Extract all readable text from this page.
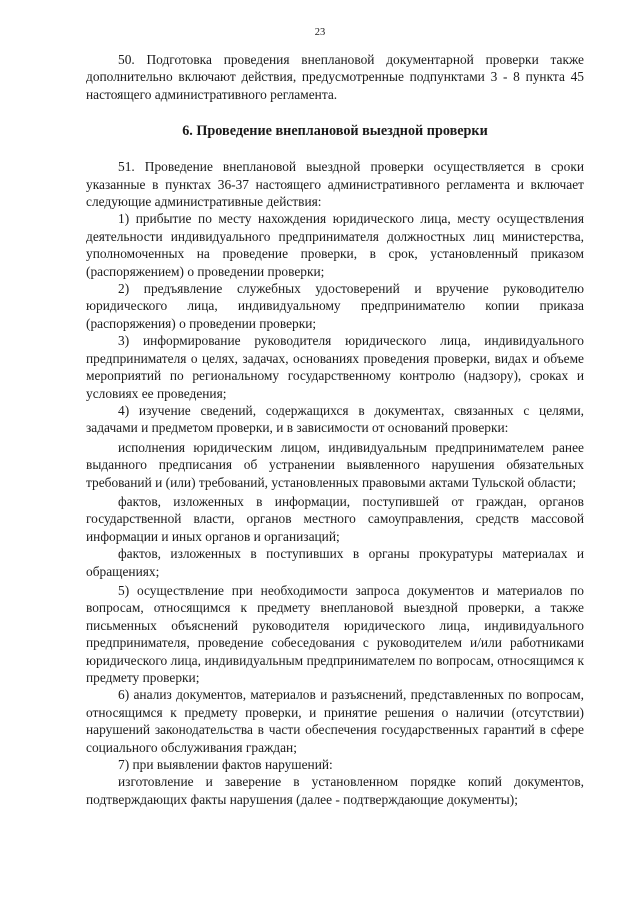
23

50. Подготовка проведения внеплановой документарной проверки также дополнительно включают действия, предусмотренные подпунктами 3 - 8 пункта 45 настоящего административного регламента.

6. Проведение внеплановой выездной проверки

51. Проведение внеплановой выездной проверки осуществляется в сроки указанные в пунктах 36-37 настоящего административного регламента и включает следующие административные действия:

1) прибытие по месту нахождения юридического лица, месту осуществления деятельности индивидуального предпринимателя должностных лиц министерства, уполномоченных на проведение проверки, в срок, установленный приказом (распоряжением) о проведении проверки;

2) предъявление служебных удостоверений и вручение руководителю юридического лица, индивидуальному предпринимателю копии приказа (распоряжения) о проведении проверки;

3) информирование руководителя юридического лица, индивидуального предпринимателя о целях, задачах, основаниях проведения проверки, видах и объеме мероприятий по региональному государственному контролю (надзору), сроках и условиях ее проведения;

4) изучение сведений, содержащихся в документах, связанных с целями, задачами и предметом проверки, и в зависимости от оснований проверки:

исполнения юридическим лицом, индивидуальным предпринимателем ранее выданного предписания об устранении выявленного нарушения обязательных требований и (или) требований, установленных правовыми актами Тульской области;

фактов, изложенных в информации, поступившей от граждан, органов государственной власти, органов местного самоуправления, средств массовой информации и иных органов и организаций;

фактов, изложенных в поступивших в органы прокуратуры материалах и обращениях;

5) осуществление при необходимости запроса документов и материалов по вопросам, относящимся к предмету внеплановой выездной проверки, а также письменных объяснений руководителя юридического лица, индивидуального предпринимателя, проведение собеседования с руководителем и/или работниками юридического лица, индивидуальным предпринимателем по вопросам, относящимся к предмету проверки;

6) анализ документов, материалов и разъяснений, представленных по вопросам, относящимся к предмету проверки, и принятие решения о наличии (отсутствии) нарушений законодательства в части обеспечения государственных гарантий в сфере социального обслуживания граждан;

7) при выявлении фактов нарушений:

изготовление и заверение в установленном порядке копий документов, подтверждающих факты нарушения (далее - подтверждающие документы);
